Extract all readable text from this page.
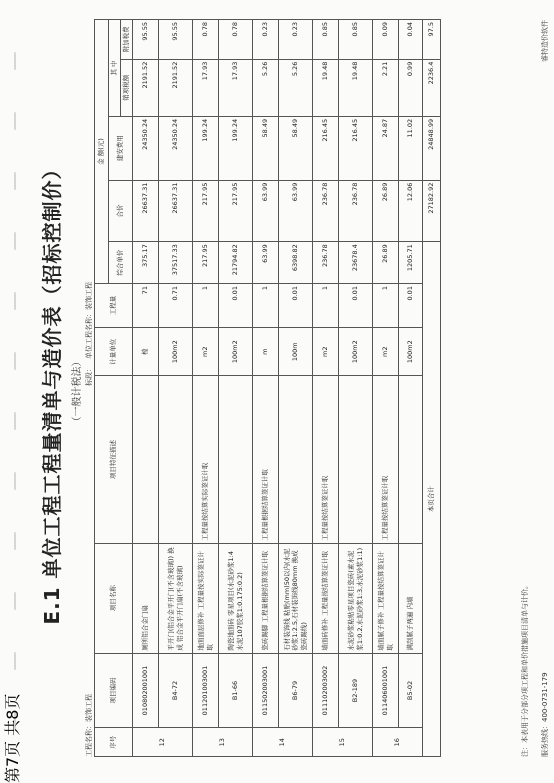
第7页 共8页
E.1 单位工程工程量清单与造价表（招标控制价） （一般计税法）
工程名称：装饰工程
标段：单位工程名称：装饰工程
序号	项目编码	项目名称	项目特征描述	计量单位	工程量	金 额(元)				
						综合单价	合价	建安费用	其 中	
									销项税额	附加税费
12	010802001001	厕所铝合金门扇		樘	71	375.17	26637.31	24350.24	2191.52	95.55
	B4-72	平开门(铝合金平开门(不含玻璃)) 换成 铝合金平开门扇(不含玻璃)		100m2	0.71	37517.33	26637.31	24350.24	2191.52	95.55
13	011201003001	地面面层修补 工程量按实际签证计取	工程量按结算实际签证计取	m2	1	217.95	217.95	199.24	17.93	0.78
	B1-66	陶瓷地面砖 零星项目(水泥砂浆1:4水泥107胶浆1:0.175:0.2)		100m2	0.01	21794.82	217.95	199.24	17.93	0.78
14	011502003001	瓷砖踢脚 工程量根据结算签证计取	工程量根据结算签证计取	m	1	63.99	63.99	58.49	5.26	0.23
	B6-79	石材装饰线 粘贴(mm)50以内(水泥砂浆1:2.5,石材装饰线80mm 换成 瓷砖踢线)		100m	0.01	6398.82	63.99	58.49	5.26	0.23
15	011102003002	墙面砖修补 工程量按结算签证计取	工程量按结算签证计取	m2	1	236.78	236.78	216.45	19.48	0.85
	B2-189	水泥砂浆粘贴零星项目瓷砖(素水泥浆1:0.2,水泥砂浆1:3,水泥砂浆1:1)		100m2	0.01	23678.4	236.78	216.45	19.48	0.85
16	011406001001	墙面腻子修补 工程量按结算签证计取	工程量按结算签证计取	m2	1	26.89	26.89	24.87	2.21	0.09
	B5-02	满刮腻子两遍 内墙		100m2	0.01	1205.71	12.06	11.02	0.99	0.04
本页合计							27182.92	24848.99	2236.4	97.5
注：本表用于分部分项工程和单价措施项目清单与计价。 服务热线：400-0731-179
睿特造价软件
